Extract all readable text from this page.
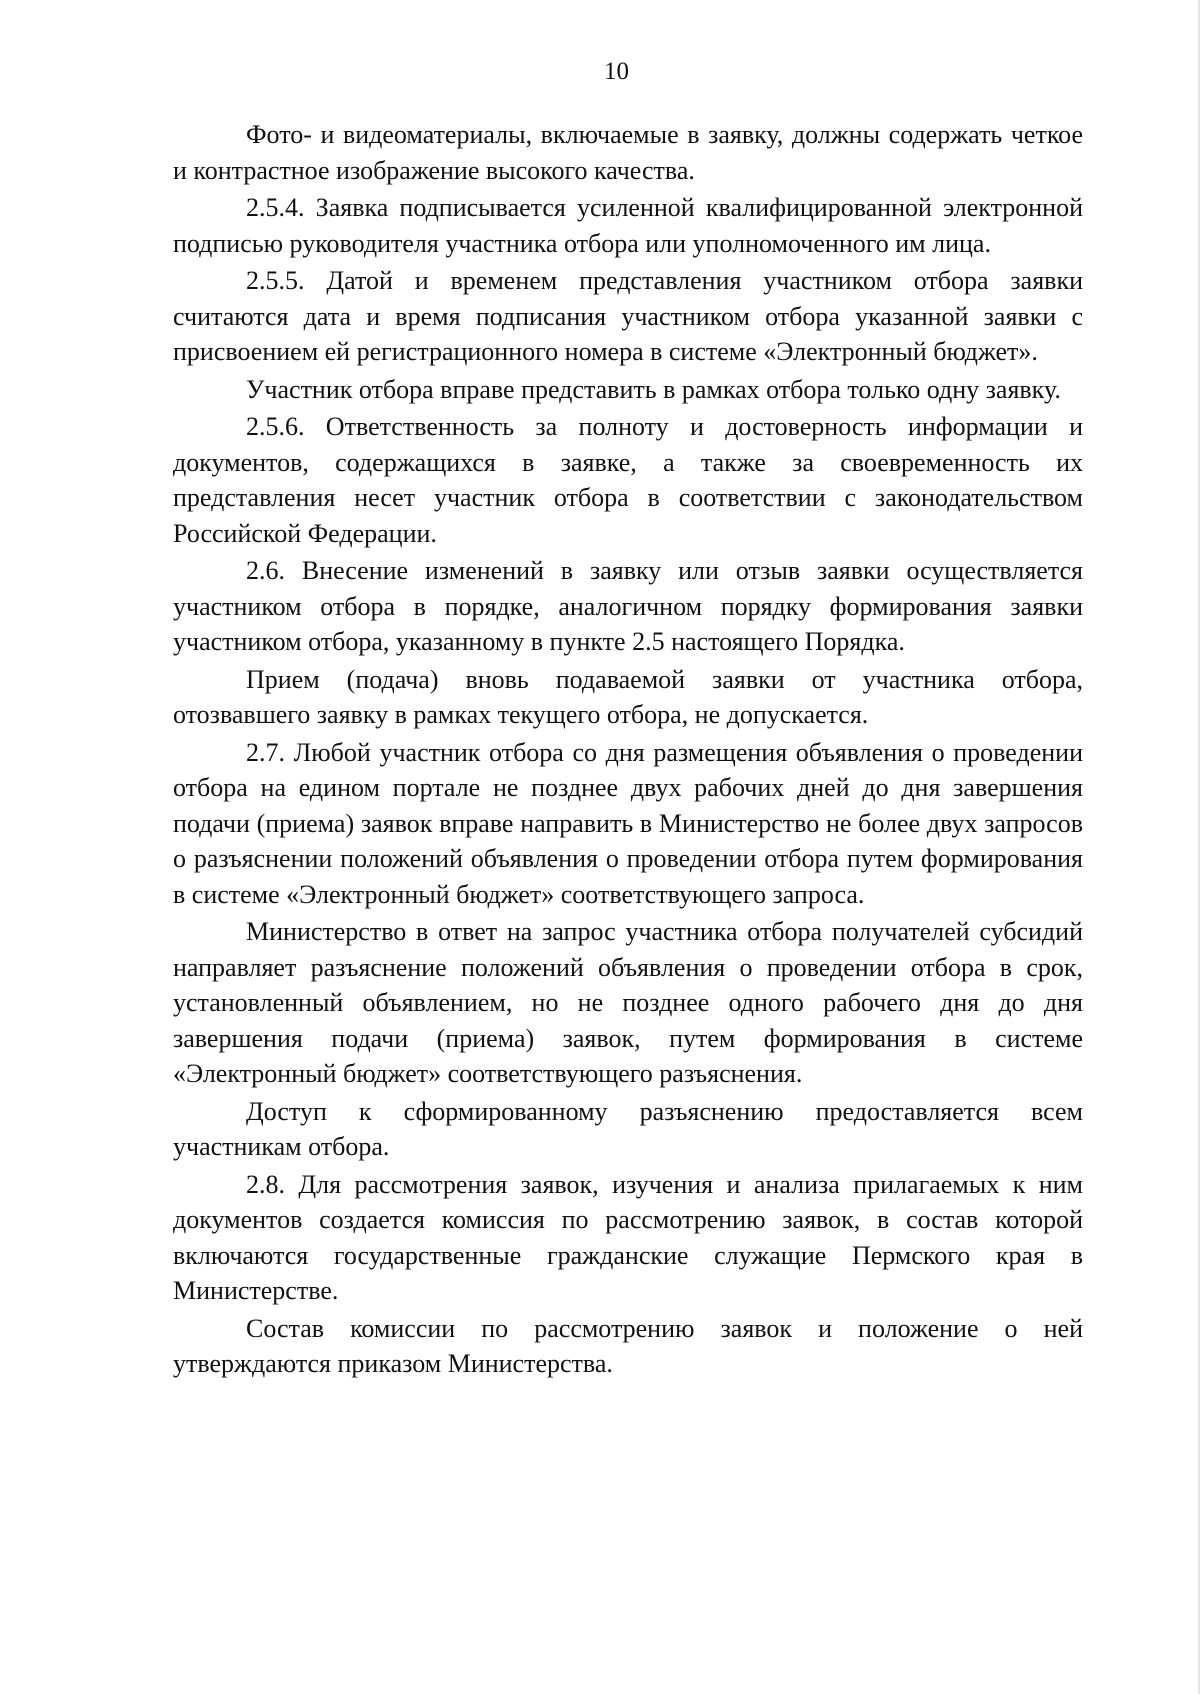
10

Фото- и видеоматериалы, включаемые в заявку, должны содержать четкое и контрастное изображение высокого качества.

2.5.4. Заявка подписывается усиленной квалифицированной электронной подписью руководителя участника отбора или уполномоченного им лица.

2.5.5. Датой и временем представления участником отбора заявки считаются дата и время подписания участником отбора указанной заявки с присвоением ей регистрационного номера в системе «Электронный бюджет».

Участник отбора вправе представить в рамках отбора только одну заявку.

2.5.6. Ответственность за полноту и достоверность информации и документов, содержащихся в заявке, а также за своевременность их представления несет участник отбора в соответствии с законодательством Российской Федерации.

2.6. Внесение изменений в заявку или отзыв заявки осуществляется участником отбора в порядке, аналогичном порядку формирования заявки участником отбора, указанному в пункте 2.5 настоящего Порядка.

Прием (подача) вновь подаваемой заявки от участника отбора, отозвавшего заявку в рамках текущего отбора, не допускается.

2.7. Любой участник отбора со дня размещения объявления о проведении отбора на едином портале не позднее двух рабочих дней до дня завершения подачи (приема) заявок вправе направить в Министерство не более двух запросов о разъяснении положений объявления о проведении отбора путем формирования в системе «Электронный бюджет» соответствующего запроса.

Министерство в ответ на запрос участника отбора получателей субсидий направляет разъяснение положений объявления о проведении отбора в срок, установленный объявлением, но не позднее одного рабочего дня до дня завершения подачи (приема) заявок, путем формирования в системе «Электронный бюджет» соответствующего разъяснения.

Доступ к сформированному разъяснению предоставляется всем участникам отбора.

2.8. Для рассмотрения заявок, изучения и анализа прилагаемых к ним документов создается комиссия по рассмотрению заявок, в состав которой включаются государственные гражданские служащие Пермского края в Министерстве.

Состав комиссии по рассмотрению заявок и положение о ней утверждаются приказом Министерства.
